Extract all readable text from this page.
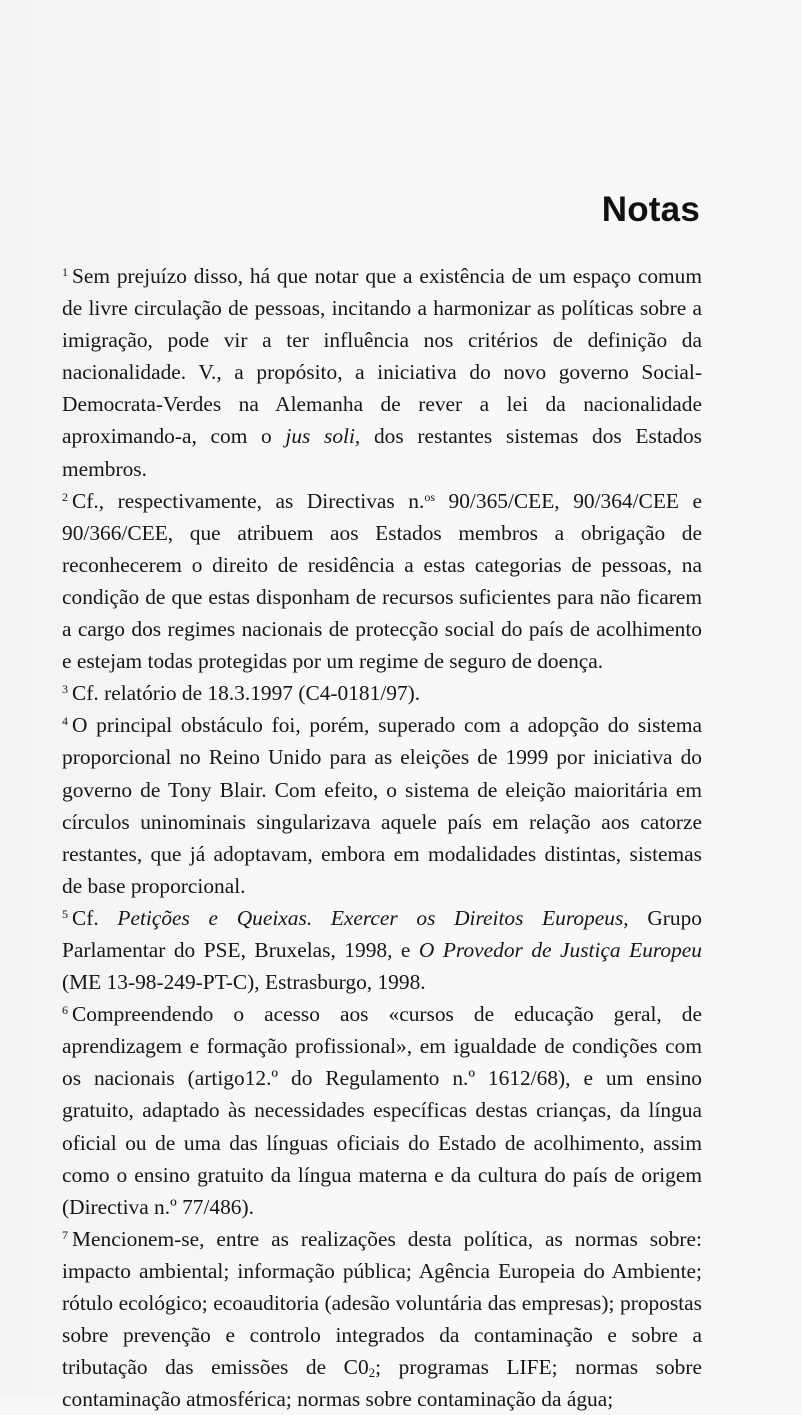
Notas

$^1$ Sem prejuízo disso, há que notar que a existência de um espaço comum de livre circulação de pessoas, incitando a harmonizar as políticas sobre a imigração, pode vir a ter influência nos critérios de definição da nacionalidade. V., a propósito, a iniciativa do novo governo Social-Democrata-Verdes na Alemanha de rever a lei da nacionalidade aproximando-a, com o jus soli, dos restantes sistemas dos Estados membros.

$^2$ Cf., respectivamente, as Directivas n.$^{os}$ 90/365/CEE, 90/364/CEE e 90/366/CEE, que atribuem aos Estados membros a obrigação de reconhecerem o direito de residência a estas categorias de pessoas, na condição de que estas disponham de recursos suficientes para não ficarem a cargo dos regimes nacionais de protecção social do país de acolhimento e estejam todas protegidas por um regime de seguro de doença.

$^3$ Cf. relatório de 18.3.1997 (C4-0181/97).

$^4$ O principal obstáculo foi, porém, superado com a adopção do sistema proporcional no Reino Unido para as eleições de 1999 por iniciativa do governo de Tony Blair. Com efeito, o sistema de eleição maioritária em círculos uninominais singularizava aquele país em relação aos catorze restantes, que já adoptavam, embora em modalidades distintas, sistemas de base proporcional.

$^5$ Cf. Petições e Queixas. Exercer os Direitos Europeus, Grupo Parlamentar do PSE, Bruxelas, 1998, e O Provedor de Justiça Europeu (ME 13-98-249-PT-C), Estrasburgo, 1998.

$^6$ Compreendendo o acesso aos «cursos de educação geral, de aprendizagem e formação profissional», em igualdade de condições com os nacionais (artigo12.º do Regulamento n.º 1612/68), e um ensino gratuito, adaptado às necessidades específicas destas crianças, da língua oficial ou de uma das línguas oficiais do Estado de acolhimento, assim como o ensino gratuito da língua materna e da cultura do país de origem (Directiva n.º 77/486).

$^7$ Mencionem-se, entre as realizações desta política, as normas sobre: impacto ambiental; informação pública; Agência Europeia do Ambiente; rótulo ecológico; ecoauditoria (adesão voluntária das empresas); propostas sobre prevenção e controlo integrados da contaminação e sobre a tributação das emissões de $C0_2$; programas LIFE; normas sobre contaminação atmosférica; normas sobre contaminação da água;
